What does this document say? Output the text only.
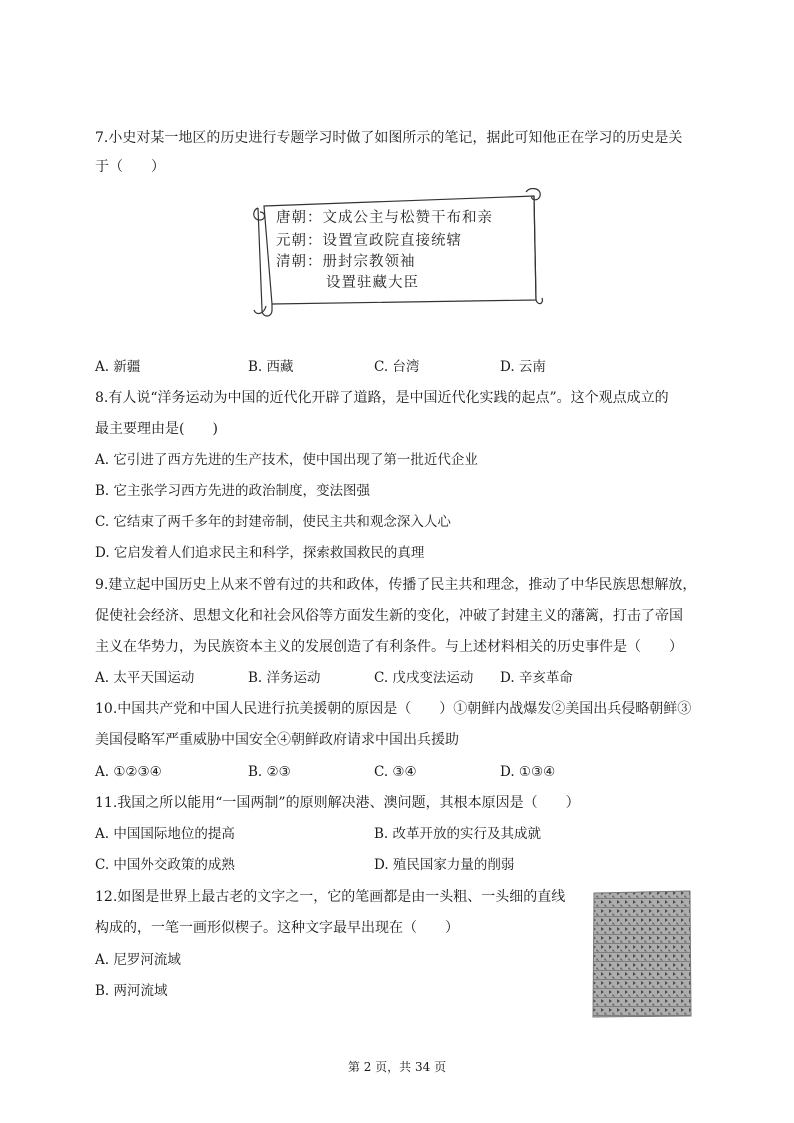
7.小史对某一地区的历史进行专题学习时做了如图所示的笔记，据此可知他正在学习的历史是关
于（　　）
唐朝：文成公主与松赞干布和亲
元朝：设置宣政院直接统辖
清朝：册封宗教领袖
设置驻藏大臣
A. 新疆	B. 西藏	C. 台湾	D. 云南
8.有人说“洋务运动为中国的近代化开辟了道路，是中国近代化实践的起点”。这个观点成立的
最主要理由是(　　)
A. 它引进了西方先进的生产技术，使中国出现了第一批近代企业
B. 它主张学习西方先进的政治制度，变法图强
C. 它结束了两千多年的封建帝制，使民主共和观念深入人心
D. 它启发着人们追求民主和科学，探索救国救民的真理
9.建立起中国历史上从来不曾有过的共和政体，传播了民主共和理念，推动了中华民族思想解放，
促使社会经济、思想文化和社会风俗等方面发生新的变化，冲破了封建主义的藩篱，打击了帝国
主义在华势力，为民族资本主义的发展创造了有利条件。与上述材料相关的历史事件是（　　）
A. 太平天国运动	B. 洋务运动	C. 戊戌变法运动 D. 辛亥革命
10.中国共产党和中国人民进行抗美援朝的原因是（　　）①朝鲜内战爆发②美国出兵侵略朝鲜③
美国侵略军严重威胁中国安全④朝鲜政府请求中国出兵援助
A. ①②③④	B. ②③	C. ③④	D. ①③④
11.我国之所以能用“一国两制”的原则解决港、澳问题，其根本原因是（　　）
A. 中国国际地位的提高	B. 改革开放的实行及其成就
C. 中国外交政策的成熟	D. 殖民国家力量的削弱
12.如图是世界上最古老的文字之一，它的笔画都是由一头粗、一头细的直线
构成的，一笔一画形似楔子。这种文字最早出现在（　　）
A. 尼罗河流域
B. 两河流域
第 2 页，共 34 页
